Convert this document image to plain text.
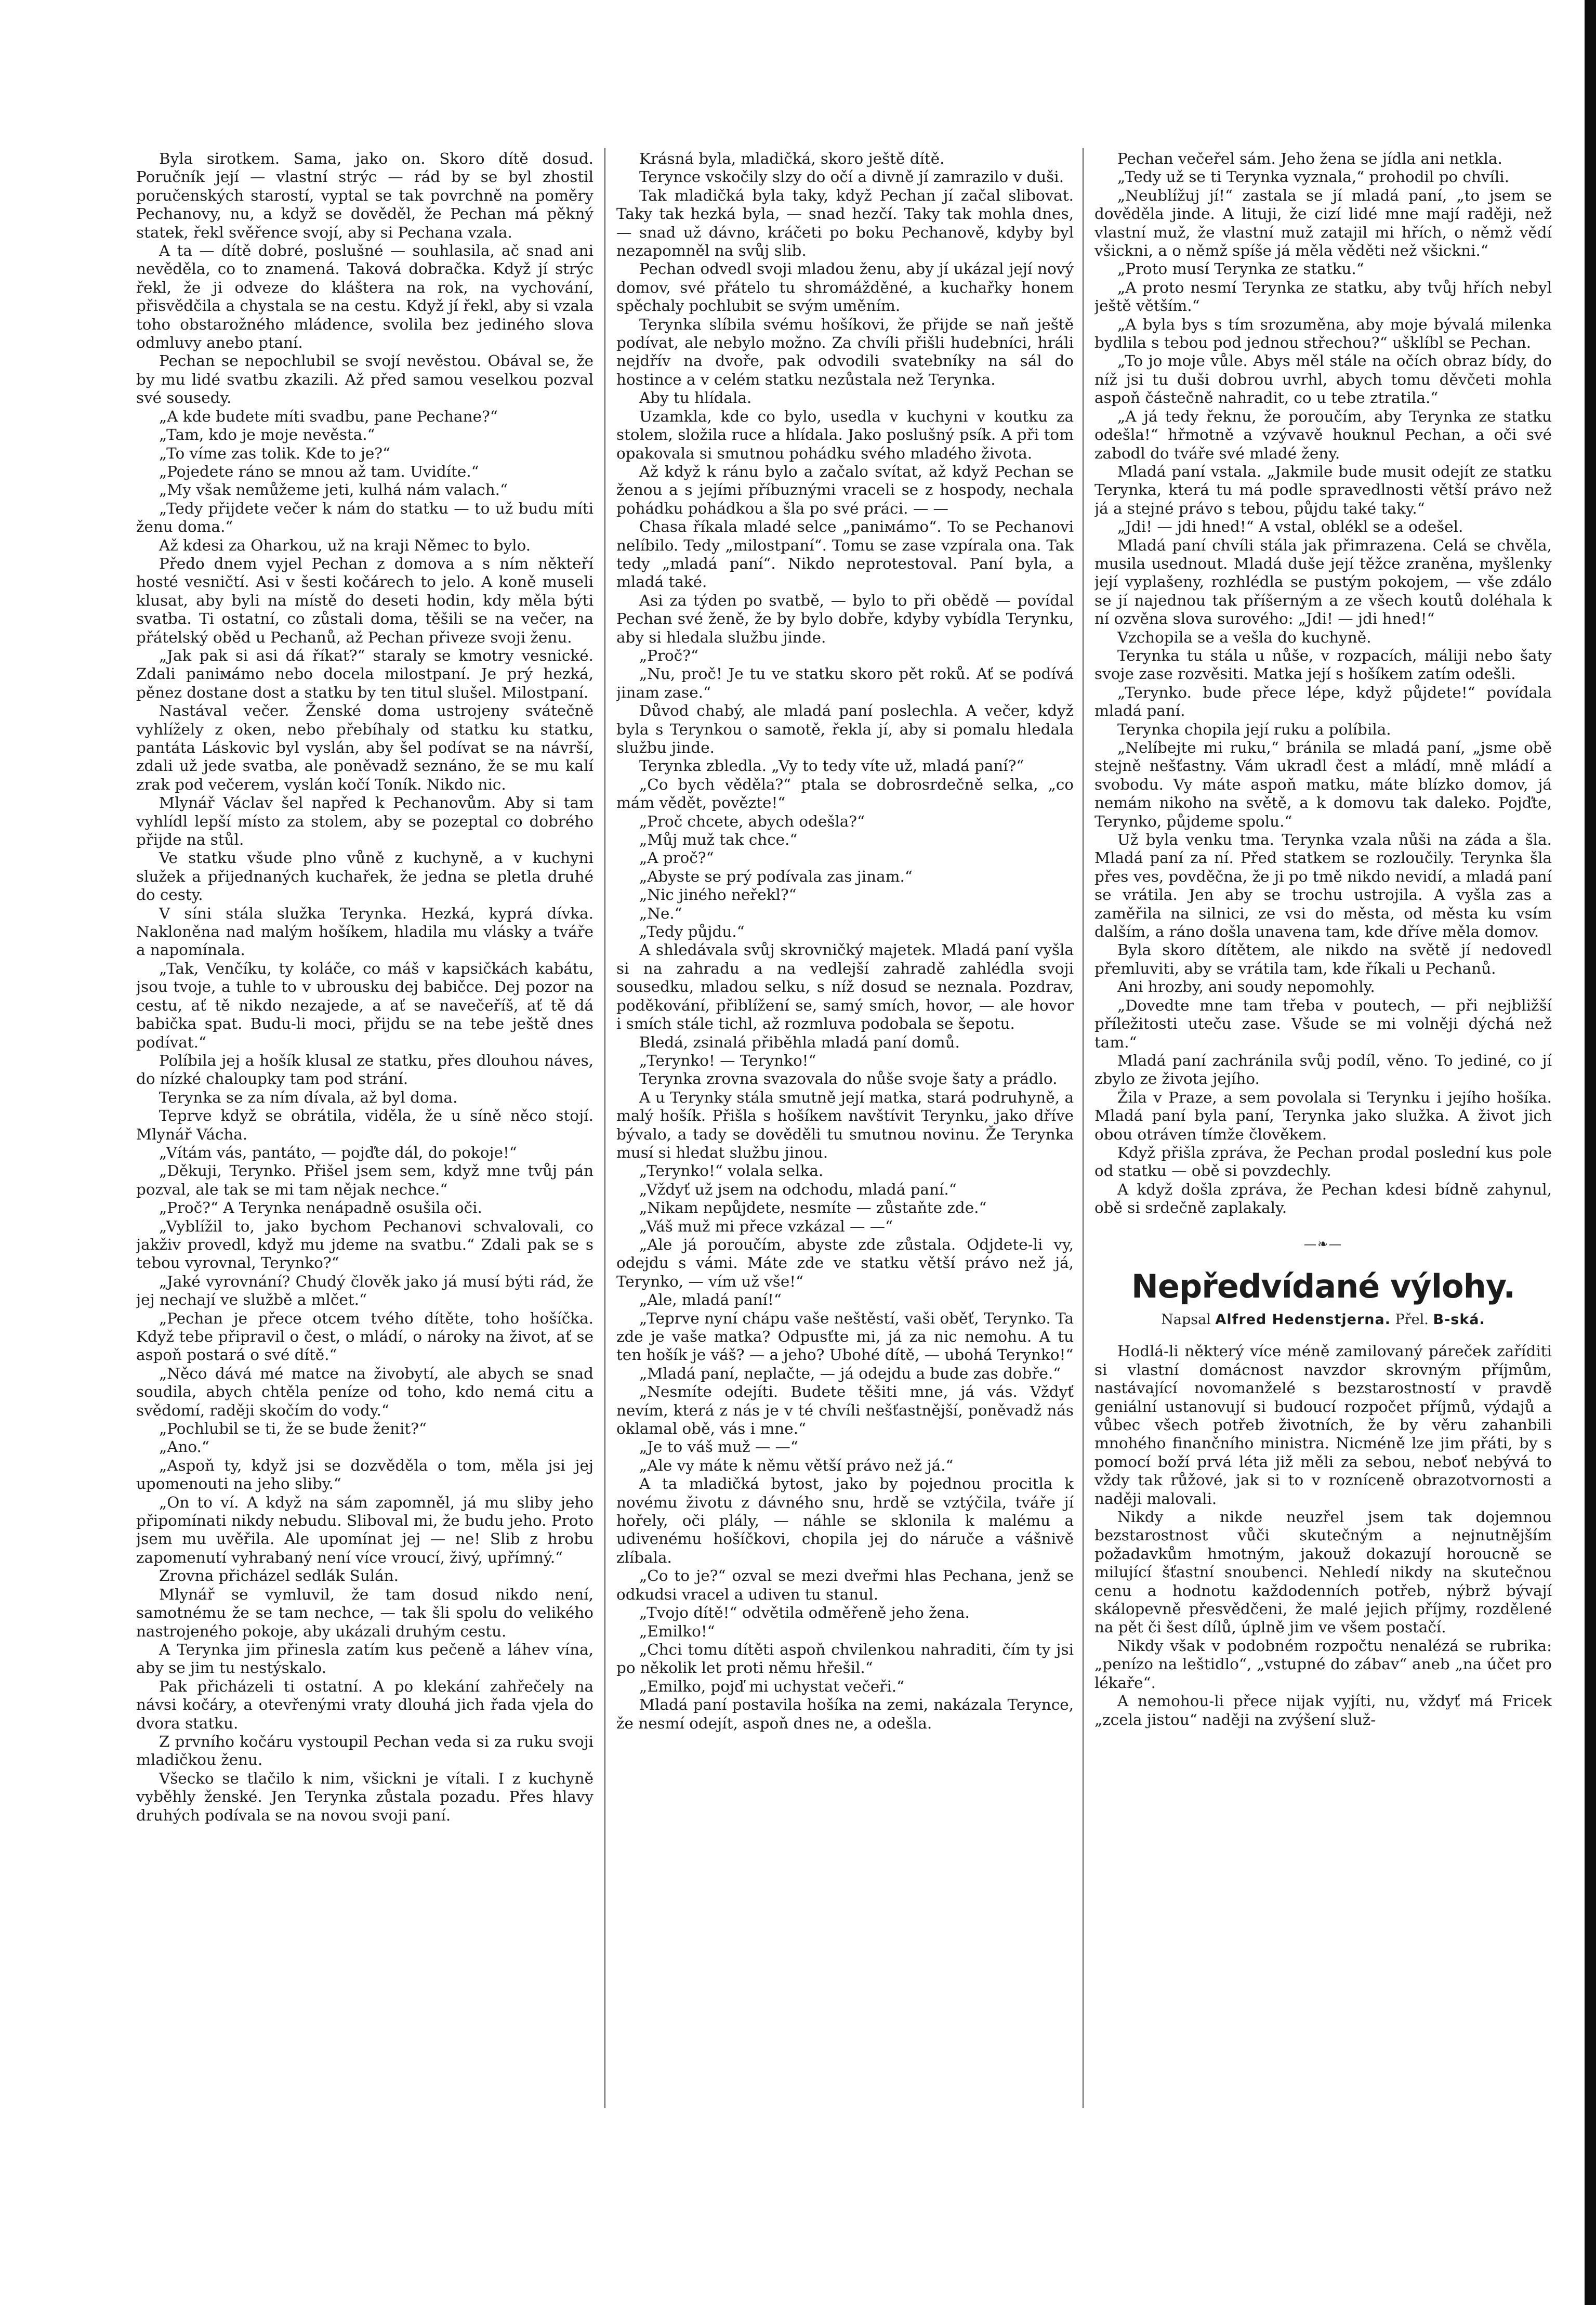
Byla sirotkem. Sama, jako on. Skoro dítě dosud. Poručník její — vlastní strýc — rád by se byl zhostil poručenských starostí, vyptal se tak povrchně na poměry Pechanovy, nu, a když se dověděl, že Pechan má pěkný statek, řekl svěřence svojí, aby si Pechana vzala.

A ta — dítě dobré, poslušné — souhlasila, ač snad ani nevěděla, co to znamená. Taková dobračka. Když jí strýc řekl, že ji odveze do kláštera na rok, na vychování, přisvědčila a chystala se na cestu. Když jí řekl, aby si vzala toho obstarožného mládence, svolila bez jediného slova odmluvy anebo ptaní.

Pechan se nepochlubil se svojí nevěstou. Obával se, že by mu lidé svatbu zkazili. Až před samou veselkou pozval své sousedy.

„A kde budete míti svadbu, pane Pechane?“

„Tam, kdo je moje nevěsta.“

„To víme zas tolik. Kde to je?“

„Pojedete ráno se mnou až tam. Uvidíte.“

„My však nemůžeme jeti, kulhá nám valach.“

„Tedy přijdete večer k nám do statku — to už budu míti ženu doma.“

Až kdesi za Oharkou, už na kraji Němec to bylo.

Předo dnem vyjel Pechan z domova a s ním někteří hosté vesničtí. Asi v šesti kočárech to jelo. A koně museli klusat, aby byli na místě do deseti hodin, kdy měla býti svatba. Ti ostatní, co zůstali doma, těšili se na večer, na přátelský oběd u Pechanů, až Pechan přiveze svoji ženu.

„Jak pak si asi dá říkat?“ staraly se kmotry vesnické. Zdali paniмámo nebo docela milostpaní. Je prý hezká, pěnez dostane dost a statku by ten titul slušel. Milostpaní.

Nastával večer. Ženské doma ustrojeny svátečně vyhlížely z oken, nebo přebíhaly od statku ku statku, pantáta Láskovic byl vyslán, aby šel podívat se na návrší, zdali už jede svatba, ale poněvadž seznáno, že se mu kalí zrak pod večerem, vyslán kočí Toník. Nikdo nic.

Mlynář Václav šel napřed k Pechanovům. Aby si tam vyhlídl lepší místo za stolem, aby se pozeptal co dobrého přijde na stůl.

Ve statku všude plno vůně z kuchyně, a v kuchyni služek a přijednaných kuchařek, že jedna se pletla druhé do cesty.

V síni stála služka Terynka. Hezká, kyprá dívka. Nakloněna nad malým hošíkem, hladila mu vlásky a tváře a napomínala.

„Tak, Venčíku, ty koláče, co máš v kapsičkách kabátu, jsou tvoje, a tuhle to v ubrousku dej babičce. Dej pozor na cestu, ať tě nikdo nezajede, a ať se navečeříš, ať tě dá babička spat. Budu-li moci, přijdu se na tebe ještě dnes podívat.“

Políbila jej a hošík klusal ze statku, přes dlouhou náves, do nízké chaloupky tam pod strání.

Terynka se za ním dívala, až byl doma.

Teprve když se obrátila, viděla, že u síně něco stojí. Mlynář Vácha.

„Vítám vás, pantáto, — pojďte dál, do pokoje!“

„Děkuji, Terynko. Přišel jsem sem, když mne tvůj pán pozval, ale tak se mi tam nějak nechce.“

„Proč?“ A Terynka nenápadně osušila oči.

„Vyblížil to, jako bychom Pechanovi schvalovali, co jakživ provedl, když mu jdeme na svatbu.“ Zdali pak se s tebou vyrovnal, Terynko?“

„Jaké vyrovnání? Chudý člověk jako já musí býti rád, že jej nechají ve službě a mlčet.“

„Pechan je přece otcem tvého dítěte, toho hošíčka. Když tebe připravil o čest, o mládí, o nároky na život, ať se aspoň postará o své dítě.“

„Něco dává mé matce na živobytí, ale abych se snad soudila, abych chtěla peníze od toho, kdo nemá citu a svědomí, raději skočím do vody.“

„Pochlubil se ti, že se bude ženit?“

„Ano.“

„Aspoň ty, když jsi se dozvěděla o tom, měla jsi jej upomenouti na jeho sliby.“

„On to ví. A když na sám zapomněl, já mu sliby jeho připomínati nikdy nebudu. Sliboval mi, že budu jeho. Proto jsem mu uvěřila. Ale upomínat jej — ne! Slib z hrobu zapomenutí vyhrabaný není více vroucí, živý, upřímný.“

Zrovna přicházel sedlák Sulán.

Mlynář se vymluvil, že tam dosud nikdo není, samotnému že se tam nechce, — tak šli spolu do velikého nastrojeného pokoje, aby ukázali druhým cestu.

A Terynka jim přinesla zatím kus pečeně a láhev vína, aby se jim tu nestýskalo.

Pak přicházeli ti ostatní. A po klekání zahřečely na návsi kočáry, a otevřenými vraty dlouhá jich řada vjela do dvora statku.

Z prvního kočáru vystoupil Pechan veda si za ruku svoji mladičkou ženu.

Všecko se tlačilo k nim, všickni je vítali. I z kuchyně vyběhly ženské. Jen Terynka zůstala pozadu. Přes hlavy druhých podívala se na novou svoji paní.

Krásná byla, mladičká, skoro ještě dítě.

Terynce vskočily slzy do očí a divně jí zamrazilo v duši.

Tak mladičká byla taky, když Pechan jí začal slibovat. Taky tak hezká byla, — snad hezčí. Taky tak mohla dnes, — snad už dávno, kráčeti po boku Pechanově, kdyby byl nezapomněl na svůj slib.

Pechan odvedl svoji mladou ženu, aby jí ukázal její nový domov, své přátelo tu shromážděné, a kuchařky honem spěchaly pochlubit se svým uměním.

Terynka slíbila svému hošíkovi, že přijde se naň ještě podívat, ale nebylo možno. Za chvíli přišli hudebníci, hráli nejdřív na dvoře, pak odvodili svatebníky na sál do hostince a v celém statku nezůstala než Terynka.

Aby tu hlídala.

Uzamkla, kde co bylo, usedla v kuchyni v koutku za stolem, složila ruce a hlídala. Jako poslušný psík. A při tom opakovala si smutnou pohádku svého mladého života.

Až když k ránu bylo a začalo svítat, až když Pechan se ženou a s jejími příbuznými vraceli se z hospody, nechala pohádku pohádkou a šla po své práci. — —

Chasa říkala mladé selce „paniмámo“. To se Pechanovi nelíbilo. Tedy „milostpaní“. Tomu se zase vzpírala ona. Tak tedy „mladá paní“. Nikdo neprotestoval. Paní byla, a mladá také.

Asi za týden po svatbě, — bylo to při obědě — povídal Pechan své ženě, že by bylo dobře, kdyby vybídla Terynku, aby si hledala službu jinde.

„Proč?“

„Nu, proč! Je tu ve statku skoro pět roků. Ať se podívá jinam zase.“

Důvod chabý, ale mladá paní poslechla. A večer, když byla s Terynkou o samotě, řekla jí, aby si pomalu hledala službu jinde.

Terynka zbledla. „Vy to tedy víte už, mladá paní?“

„Co bych věděla?“ ptala se dobrosrdečně selka, „co mám vědět, povězte!“

„Proč chcete, abych odešla?“

„Můj muž tak chce.“

„A proč?“

„Abyste se prý podívala zas jinam.“

„Nic jiného neřekl?“

„Ne.“

„Tedy půjdu.“

A shledávala svůj skrovničký majetek. Mladá paní vyšla si na zahradu a na vedlejší zahradě zahlédla svoji sousedku, mladou selku, s níž dosud se neznala. Pozdrav, poděkování, přiblížení se, samý smích, hovor, — ale hovor i smích stále tichl, až rozmluva podobala se šepotu.

Bledá, zsinalá přiběhla mladá paní domů.

„Terynko! — Terynko!“

Terynka zrovna svazovala do nůše svoje šaty a prádlo.

A u Terynky stála smutně její matka, stará podruhyně, a malý hošík. Přišla s hošíkem navštívit Terynku, jako dříve bývalo, a tady se dověděli tu smutnou novinu. Že Terynka musí si hledat službu jinou.

„Terynko!“ volala selka.

„Vždyť už jsem na odchodu, mladá paní.“

„Nikam nepůjdete, nesmíte — zůstaňte zde.“

„Váš muž mi přece vzkázal — —“

„Ale já poroučím, abyste zde zůstala. Odjdete-li vy, odejdu s vámi. Máte zde ve statku větší právo než já, Terynko, — vím už vše!“

„Ale, mladá paní!“

„Teprve nyní chápu vaše neštěstí, vaši oběť, Terynko. Ta zde je vaše matka? Odpusťte mi, já za nic nemohu. A tu ten hošík je váš? — a jeho? Ubohé dítě, — ubohá Terynko!“

„Mladá paní, neplačte, — já odejdu a bude zas dobře.“

„Nesmíte odejíti. Budete těšiti mne, já vás. Vždyť nevím, která z nás je v té chvíli nešťastnější, poněvadž nás oklamal obě, vás i mne.“

„Je to váš muž — —“

„Ale vy máte k němu větší právo než já.“

A ta mladičká bytost, jako by pojednou procitla k novému životu z dávného snu, hrdě se vztýčila, tváře jí hořely, oči plály, — náhle se sklonila k malému a udivenému hošíčkovi, chopila jej do náruče a vášnivě zlíbala.

„Co to je?“ ozval se mezi dveřmi hlas Pechana, jenž se odkudsi vracel a udiven tu stanul.

„Tvojo dítě!“ odvětila odměřeně jeho žena.

„Emilko!“

„Chci tomu dítěti aspoň chvilenkou nahraditi, čím ty jsi po několik let proti němu hřešil.“

„Emilko, pojď mi uchystat večeři.“

Mladá paní postavila hošíka na zemi, nakázala Terynce, že nesmí odejít, aspoň dnes ne, a odešla.

Pechan večeřel sám. Jeho žena se jídla ani netkla.

„Tedy už se ti Terynka vyznala,“ prohodil po chvíli.

„Neublížuj jí!“ zastala se jí mladá paní, „to jsem se dověděla jinde. A lituji, že cizí lidé mne mají raději, než vlastní muž, že vlastní muž zatajil mi hřích, o němž vědí všickni, a o němž spíše já měla věděti než všickni.“

„Proto musí Terynka ze statku.“

„A proto nesmí Terynka ze statku, aby tvůj hřích nebyl ještě větším.“

„A byla bys s tím srozuměna, aby moje bývalá milenka bydlila s tebou pod jednou střechou?“ ušklíbl se Pechan.

„To jo moje vůle. Abys měl stále na očích obraz bídy, do níž jsi tu duši dobrou uvrhl, abych tomu děvčeti mohla aspoň částečně nahradit, co u tebe ztratila.“

„A já tedy řeknu, že poroučím, aby Terynka ze statku odešla!“ hřmotně a vzývavě houknul Pechan, a oči své zabodl do tváře své mladé ženy.

Mladá paní vstala. „Jakmile bude musit odejít ze statku Terynka, která tu má podle spravedlnosti větší právo než já a stejné právo s tebou, půjdu také taky.“

„Jdi! — jdi hned!“ A vstal, oblékl se a odešel.

Mladá paní chvíli stála jak přimrazena. Celá se chvěla, musila usednout. Mladá duše její těžce zraněna, myšlenky její vyplašeny, rozhlédla se pustým pokojem, — vše zdálo se jí najednou tak příšerným a ze všech koutů doléhala k ní ozvěna slova surového: „Jdi! — jdi hned!“

Vzchopila se a vešla do kuchyně.

Terynka tu stála u nůše, v rozpacích, máliji nebo šaty svoje zase rozvěsiti. Matka její s hošíkem zatím odešli.

„Terynko. bude přece lépe, když půjdete!“ povídala mladá paní.

Terynka chopila její ruku a políbila.

„Nelíbejte mi ruku,“ bránila se mladá paní, „jsme obě stejně nešťastny. Vám ukradl čest a mládí, mně mládí a svobodu. Vy máte aspoň matku, máte blízko domov, já nemám nikoho na světě, a k domovu tak daleko. Pojďte, Terynko, půjdeme spolu.“

Už byla venku tma. Terynka vzala nůši na záda a šla. Mladá paní za ní. Před statkem se rozloučily. Terynka šla přes ves, povděčna, že ji po tmě nikdo nevidí, a mladá paní se vrátila. Jen aby se trochu ustrojila. A vyšla zas a zaměřila na silnici, ze vsi do města, od města ku vsím dalším, a ráno došla unavena tam, kde dříve měla domov.

Byla skoro dítětem, ale nikdo na světě jí nedovedl přemluviti, aby se vrátila tam, kde říkali u Pechanů.

Ani hrozby, ani soudy nepomohly.

„Dovedte mne tam třeba v poutech, — při nejbližší příležitosti uteču zase. Všude se mi volněji dýchá než tam.“

Mladá paní zachránila svůj podíl, věno. To jediné, co jí zbylo ze života jejího.

Žila v Praze, a sem povolala si Terynku i jejího hošíka. Mladá paní byla paní, Terynka jako služka. A život jich obou otráven tímže člověkem.

Když přišla zpráva, že Pechan prodal poslední kus pole od statku — obě si povzdechly.

A když došla zpráva, že Pechan kdesi bídně zahynul, obě si srdečně zaplakaly.

—❧—
Nepředvídané výlohy.
Napsal Alfred Hedenstjerna. Přel. B-ská.

Hodlá-li některý více méně zamilovaný páreček zaříditi si vlastní domácnost navzdor skrovným příjmům, nastávající novomanželé s bezstarostností v pravdě geniální ustanovují si budoucí rozpočet příjmů, výdajů a vůbec všech potřeb životních, že by věru zahanbili mnohého finančního ministra. Nicméně lze jim přáti, by s pomocí boží prvá léta již měli za sebou, neboť nebývá to vždy tak růžové, jak si to v rozníceně obrazotvornosti a naději malovali.

Nikdy a nikde neuzřel jsem tak dojemnou bezstarostnost vůči skutečným a nejnutnějším požadavkům hmotným, jakouž dokazují horoucně se milující šťastní snoubenci. Nehledí nikdy na skutečnou cenu a hodnotu každodenních potřeb, nýbrž bývají skálopevně přesvědčeni, že malé jejich příjmy, rozdělené na pět či šest dílů, úplně jim ve všem postačí.

Nikdy však v podobném rozpočtu nenalézá se rubrika: „penízo na leštidlo“, „vstupné do zábav“ aneb „na účet pro lékaře“.

A nemohou-li přece nijak vyjíti, nu, vždyť má Fricek „zcela jistou“ naději na zvýšení služ-
